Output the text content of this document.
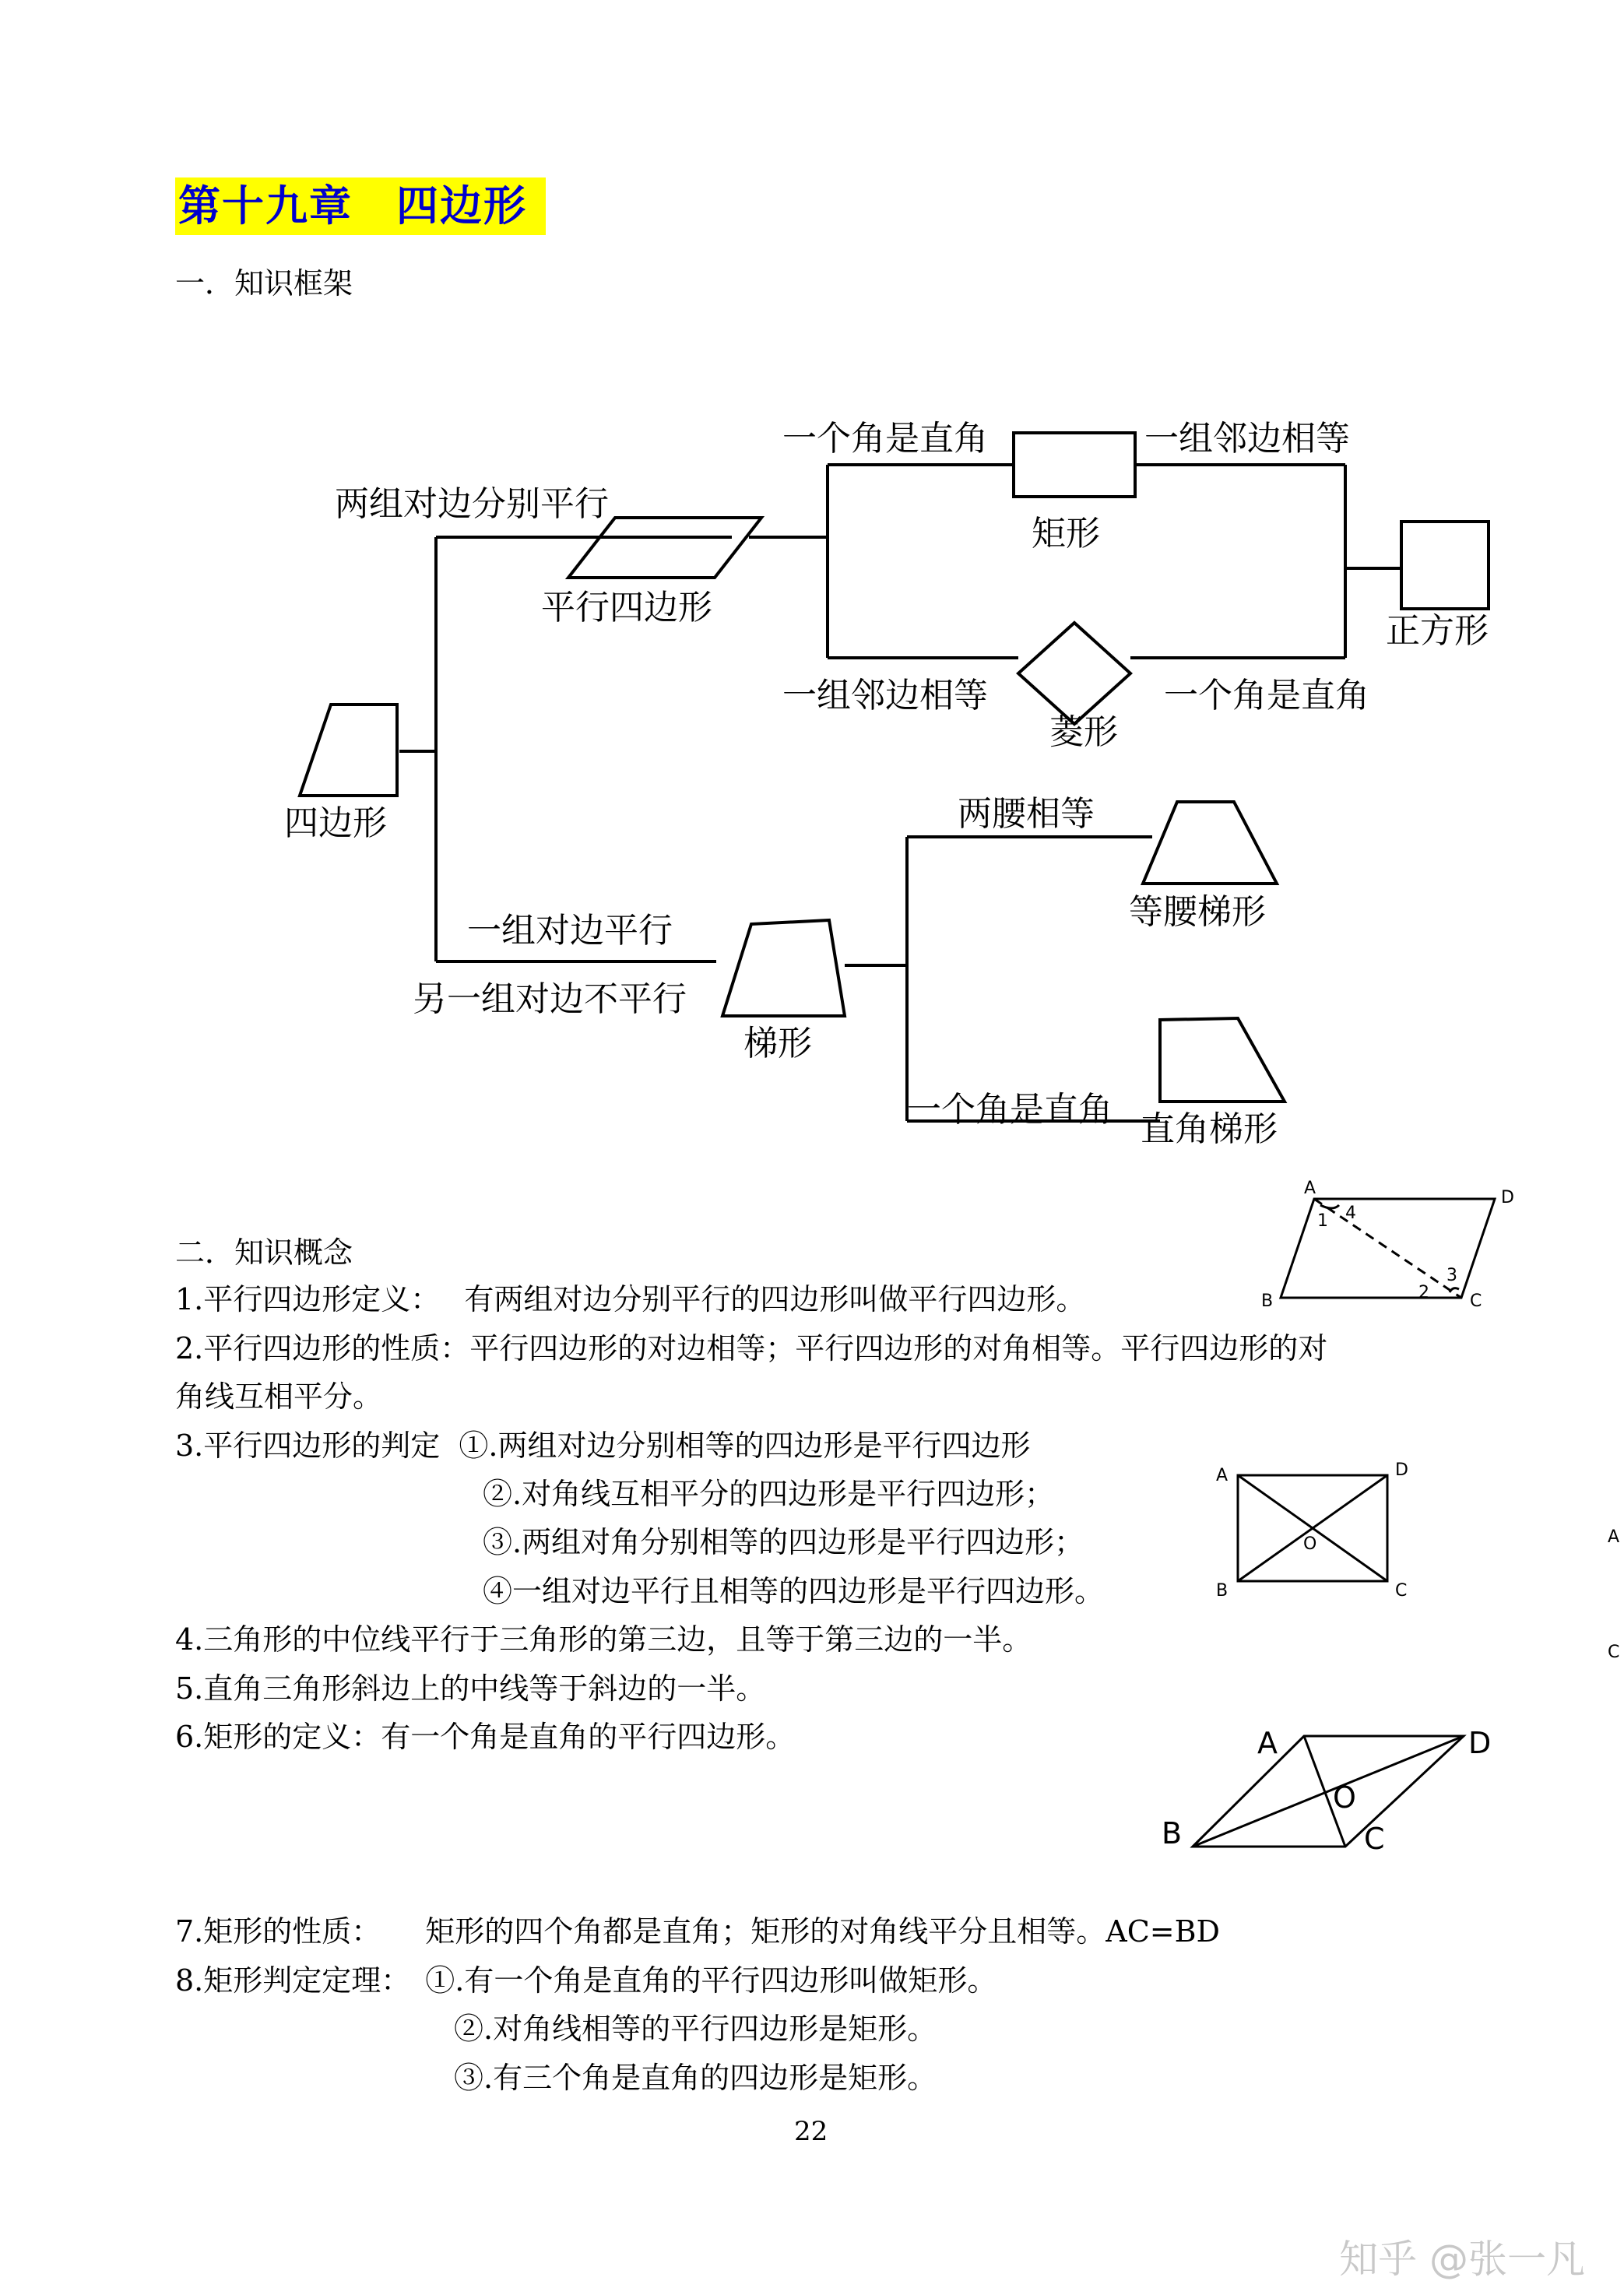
第十九章　四边形
一．知识框架
两组对边分别平行
平行四边形
一个角是直角	一组邻边相等
矩形
正方形
一组邻边相等	一个角是直角
菱形
四边形	两腰相等
等腰梯形
一组对边平行
另一组对边不平行
梯形
一个角是直角 直角梯形
A	D
B	C
1 4
2
3
A	D
B	C
O
A	D
B	C
O
二．知识概念
1.平行四边形定义：　 有两组对边分别平行的四边形叫做平行四边形。
2.平行四边形的性质：平行四边形的对边相等；平行四边形的对角相等。平行四边形的对
角线互相平分。
3.平行四边形的判定  ①.两组对边分别相等的四边形是平行四边形
②.对角线互相平分的四边形是平行四边形；
③.两组对角分别相等的四边形是平行四边形；
④一组对边平行且相等的四边形是平行四边形。
4.三角形的中位线平行于三角形的第三边，且等于第三边的一半。
5.直角三角形斜边上的中线等于斜边的一半。
6.矩形的定义：有一个角是直角的平行四边形。
7.矩形的性质：　　矩形的四个角都是直角；矩形的对角线平分且相等。AC=BD
8.矩形判定定理：　①.有一个角是直角的平行四边形叫做矩形。
②.对角线相等的平行四边形是矩形。
③.有三个角是直角的四边形是矩形。
22
知乎 @张一凡
A
C
